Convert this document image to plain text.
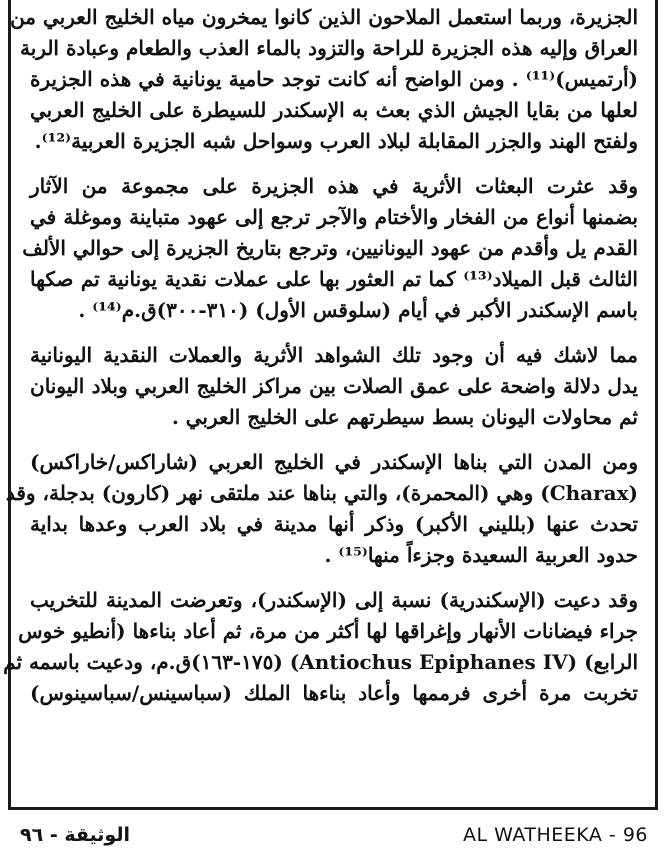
الجزيرة، وربما استعمل الملاحون الذين كانوا يمخرون مياه الخليج العربي من
العراق وإليه هذه الجزيرة للراحة والتزود بالماء العذب والطعام وعبادة الربة
(أرتميس)⁽¹¹⁾ . ومن الواضح أنه كانت توجد حامية يونانية في هذه الجزيرة
لعلها من بقايا الجيش الذي بعث به الإسكندر للسيطرة على الخليج العربي
ولفتح الهند والجزر المقابلة لبلاد العرب وسواحل شبه الجزيرة العربية⁽¹²⁾.
وقد عثرت البعثات الأثرية في هذه الجزيرة على مجموعة من الآثار
بضمنها أنواع من الفخار والأختام والآجر ترجع إلى عهود متباينة وموغلة في
القدم يل وأقدم من عهود اليونانيين، وترجع بتاريخ الجزيرة إلى حوالي الألف
الثالث قبل الميلاد⁽¹³⁾ كما تم العثور بها على عملات نقدية يونانية تم صكها
باسم الإسكندر الأكبر في أيام (سلوقس الأول) (٣١٠-٣٠٠)ق.م⁽¹⁴⁾ .
مما لاشك فيه أن وجود تلك الشواهد الأثرية والعملات النقدية اليونانية
يدل دلالة واضحة على عمق الصلات بين مراكز الخليج العربي وبلاد اليونان
ثم محاولات اليونان بسط سيطرتهم على الخليج العربي .
ومن المدن التي بناها الإسكندر في الخليج العربي (شاراكس/خاراكس)
(Charax) وهي (المحمرة)، والتي بناها عند ملتقى نهر (كارون) بدجلة، وقد
تحدث عنها (بلليني الأكبر) وذكر أنها مدينة في بلاد العرب وعدها بداية
حدود العربية السعيدة وجزءاً منها⁽¹⁵⁾ .
وقد دعيت (الإسكندرية) نسبة إلى (الإسكندر)، وتعرضت المدينة للتخريب
جراء فيضانات الأنهار وإغراقها لها أكثر من مرة، ثم أعاد بناءها (أنطيو خوس
الرابع) (Antiochus Epiphanes IV) (١٧٥-١٦٣)ق.م، ودعيت باسمه ثم
تخربت مرة أخرى فرممها وأعاد بناءها الملك (سباسينس/سباسينوس)
AL WATHEEKA - 96
الوثيقة - ٩٦
